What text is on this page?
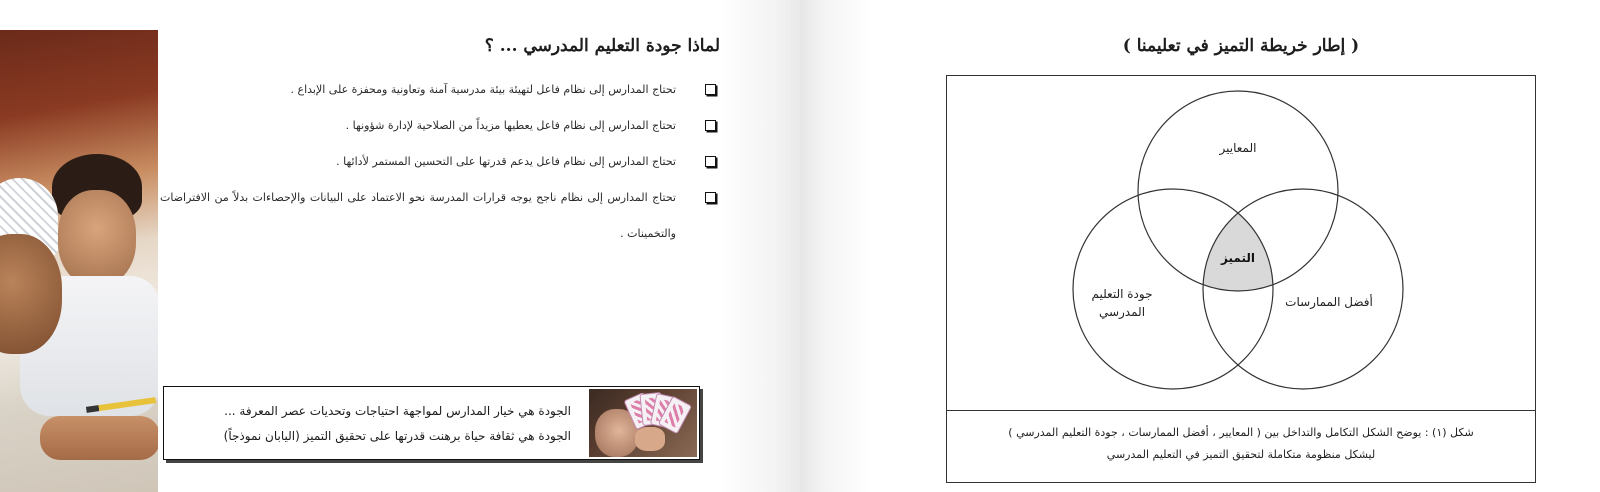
لماذا جودة التعليم المدرسي ... ؟
تحتاج المدارس إلى نظام فاعل لتهيئة بيئة مدرسية آمنة وتعاونية ومحفزة على الإبداع .
تحتاج المدارس إلى نظام فاعل يعطيها مزيداً من الصلاحية لإدارة شؤونها .
تحتاج المدارس إلى نظام فاعل يدعم قدرتها على التحسين المستمر لأدائها .
تحتاج المدارس إلى نظام ناجح يوجه قرارات المدرسة نحو الاعتماد على البيانات والإحصاءات بدلاً من الافتراضات والتخمينات .
الجودة هي خيار المدارس لمواجهة احتياجات وتحديات عصر المعرفة ...
الجودة هي ثقافة حياة برهنت قدرتها على تحقيق التميز (اليابان نموذجاً)
( إطار خريطة التميز في تعليمنا )
المعايير
جودة التعليم
المدرسي
أفضل الممارسات
التميز
شكل (١) : يوضح الشكل التكامل والتداخل بين ( المعايير ، أفضل الممارسات ، جودة التعليم المدرسي )
ليشكل منظومة متكاملة لتحقيق التميز في التعليم المدرسي
